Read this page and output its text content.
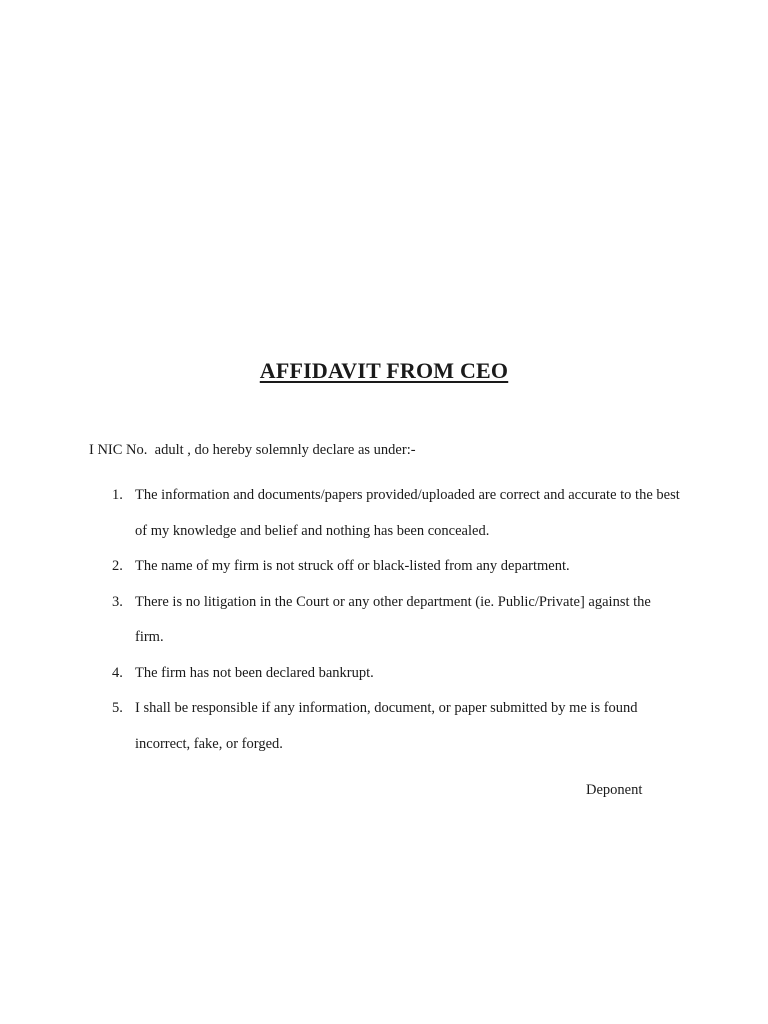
AFFIDAVIT FROM CEO

I NIC No.  adult , do hereby solemnly declare as under:-

1. The information and documents/papers provided/uploaded are correct and accurate to the best of my knowledge and belief and nothing has been concealed.
2. The name of my firm is not struck off or black-listed from any department.
3. There is no litigation in the Court or any other department (ie. Public/Private] against the firm.
4. The firm has not been declared bankrupt.
5. I shall be responsible if any information, document, or paper submitted by me is found incorrect, fake, or forged.

Deponent
